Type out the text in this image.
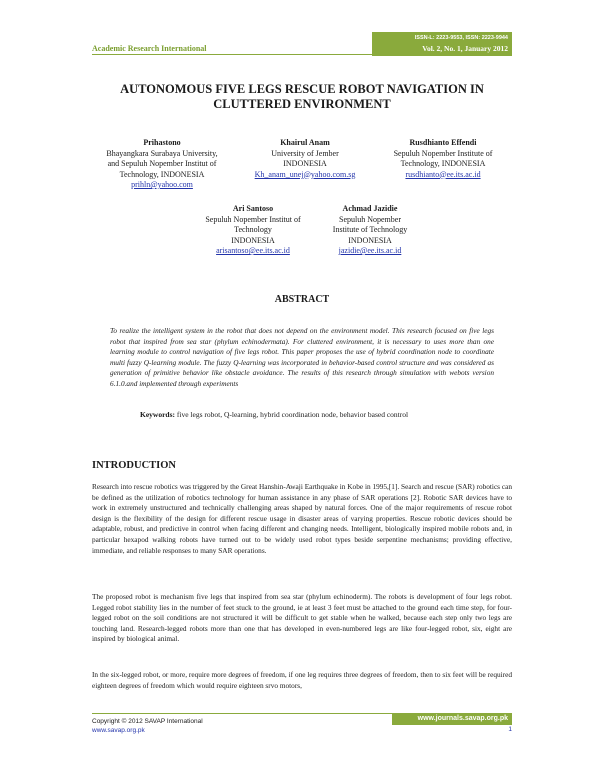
Academic Research International
ISSN-L: 2223-9553, ISSN: 2223-9944
Vol. 2, No. 1, January 2012
AUTONOMOUS FIVE LEGS RESCUE ROBOT NAVIGATION IN CLUTTERED ENVIRONMENT
Prihastono
Bhayangkara Surabaya University,
and Sepuluh Nopember Institut of
Technology, INDONESIA
prihln@yahoo.com
Khairul Anam
University of Jember
INDONESIA
Kh_anam_unej@yahoo.com.sg
Rusdhianto Effendi
Sepuluh Nopember Institute of
Technology, INDONESIA
rusdhianto@ee.its.ac.id
Ari Santoso
Sepuluh Nopember Institut of
Technology
INDONESIA
arisantoso@ee.its.ac.id
Achmad Jazidie
Sepuluh Nopember
Institute of Technology
INDONESIA
jazidie@ee.its.ac.id
ABSTRACT
To realize the intelligent system in the robot that does not depend on the environment model. This research focused on five legs robot that inspired from sea star (phylum echinodermata). For cluttered environment, it is necessary to uses more than one learning module to control navigation of five legs robot. This paper proposes the use of hybrid coordination node to coordinate multi fuzzy Q-learning module. The fuzzy Q-learning was incorporated in behavior-based control structure and was considered as generation of primitive behavior like obstacle avoidance. The results of this research through simulation with webots version 6.1.0.and implemented through experiments
Keywords: five legs robot, Q-learning, hybrid coordination node, behavior based control
INTRODUCTION
Research into rescue robotics was triggered by the Great Hanshin-Awaji Earthquake in Kobe in 1995,[1]. Search and rescue (SAR) robotics can be defined as the utilization of robotics technology for human assistance in any phase of SAR operations [2]. Robotic SAR devices have to work in extremely unstructured and technically challenging areas shaped by natural forces. One of the major requirements of rescue robot design is the flexibility of the design for different rescue usage in disaster areas of varying properties. Rescue robotic devices should be adaptable, robust, and predictive in control when facing different and changing needs. Intelligent, biologically inspired mobile robots and, in particular hexapod walking robots have turned out to be widely used robot types beside serpentine mechanisms; providing effective, immediate, and reliable responses to many SAR operations.
The proposed robot is mechanism five legs that inspired from sea star (phylum echinoderm). The robots is development of four legs robot. Legged robot stability lies in the number of feet stuck to the ground, ie at least 3 feet must be attached to the ground each time step, for four-legged robot on the soil conditions are not structured it will be difficult to get stable when he walked, because each step only two legs are touching land. Research-legged robots more than one that has developed in even-numbered legs are like four-legged robot, six, eight are inspired by biological animal.
In the six-legged robot, or more, require more degrees of freedom, if one leg requires three degrees of freedom, then to six feet will be required eighteen degrees of freedom which would require eighteen srvo motors,
Copyright © 2012 SAVAP International
www.savap.org.pk
www.journals.savap.org.pk
1
